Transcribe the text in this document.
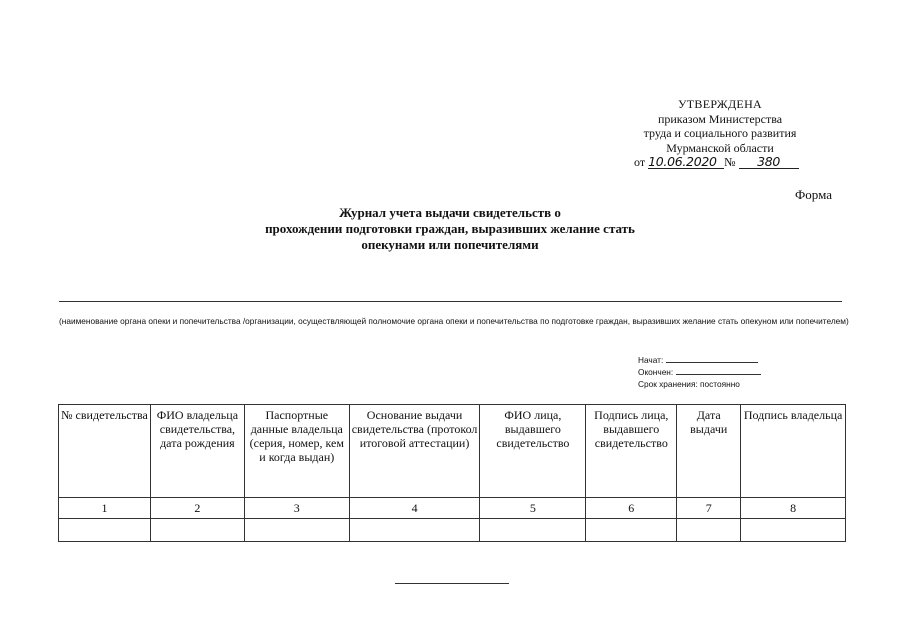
УТВЕРЖДЕНА
приказом Министерства
труда и социального развития
Мурманской области
от 10.06.2020 № 380
Форма
Журнал учета выдачи свидетельств о
прохождении подготовки граждан, выразивших желание стать
опекунами или попечителями
(наименование органа опеки и попечительства /организации, осуществляющей полномочие органа опеки и попечительства по подготовке граждан, выразивших желание стать опекуном или попечителем)
Начат:
Окончен:
Срок хранения: постоянно
№ свидетельства	ФИО владельца свидетельства, дата рождения	Паспортные данные владельца (серия, номер, кем и когда выдан)	Основание выдачи свидетельства (протокол итоговой аттестации)	ФИО лица, выдавшего свидетельство	Подпись лица, выдавшего свидетельство	Дата выдачи	Подпись владельца
1	2	3	4	5	6	7	8
